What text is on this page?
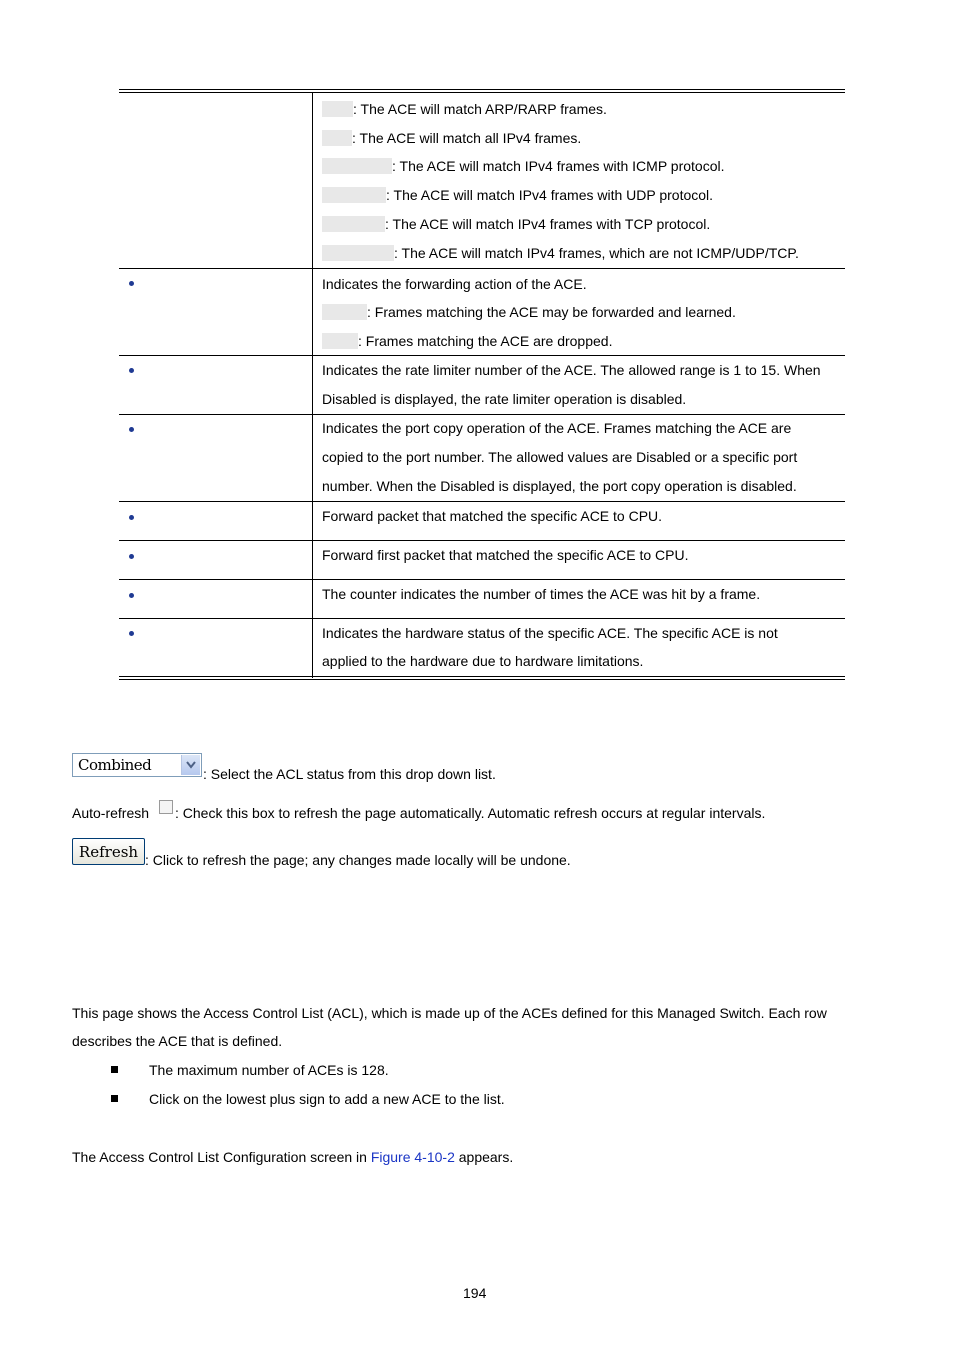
: The ACE will match ARP/RARP frames.
: The ACE will match all IPv4 frames.
: The ACE will match IPv4 frames with ICMP protocol.
: The ACE will match IPv4 frames with UDP protocol.
: The ACE will match IPv4 frames with TCP protocol.
: The ACE will match IPv4 frames, which are not ICMP/UDP/TCP.
Indicates the forwarding action of the ACE.
: Frames matching the ACE may be forwarded and learned.
: Frames matching the ACE are dropped.
Indicates the rate limiter number of the ACE. The allowed range is 1 to 15. When
Disabled is displayed, the rate limiter operation is disabled.
Indicates the port copy operation of the ACE. Frames matching the ACE are
copied to the port number. The allowed values are Disabled or a specific port
number. When the Disabled is displayed, the port copy operation is disabled.
Forward packet that matched the specific ACE to CPU.
Forward first packet that matched the specific ACE to CPU.
The counter indicates the number of times the ACE was hit by a frame.
Indicates the hardware status of the specific ACE. The specific ACE is not
applied to the hardware due to hardware limitations.
Combined	: Select the ACL status from this drop down list.
Auto-refresh : Check this box to refresh the page automatically. Automatic refresh occurs at regular intervals.
Refresh : Click to refresh the page; any changes made locally will be undone.
This page shows the Access Control List (ACL), which is made up of the ACEs defined for this Managed Switch. Each row
describes the ACE that is defined.
The maximum number of ACEs is 128.
Click on the lowest plus sign to add a new ACE to the list.
The Access Control List Configuration screen in Figure 4-10-2 appears.
194
